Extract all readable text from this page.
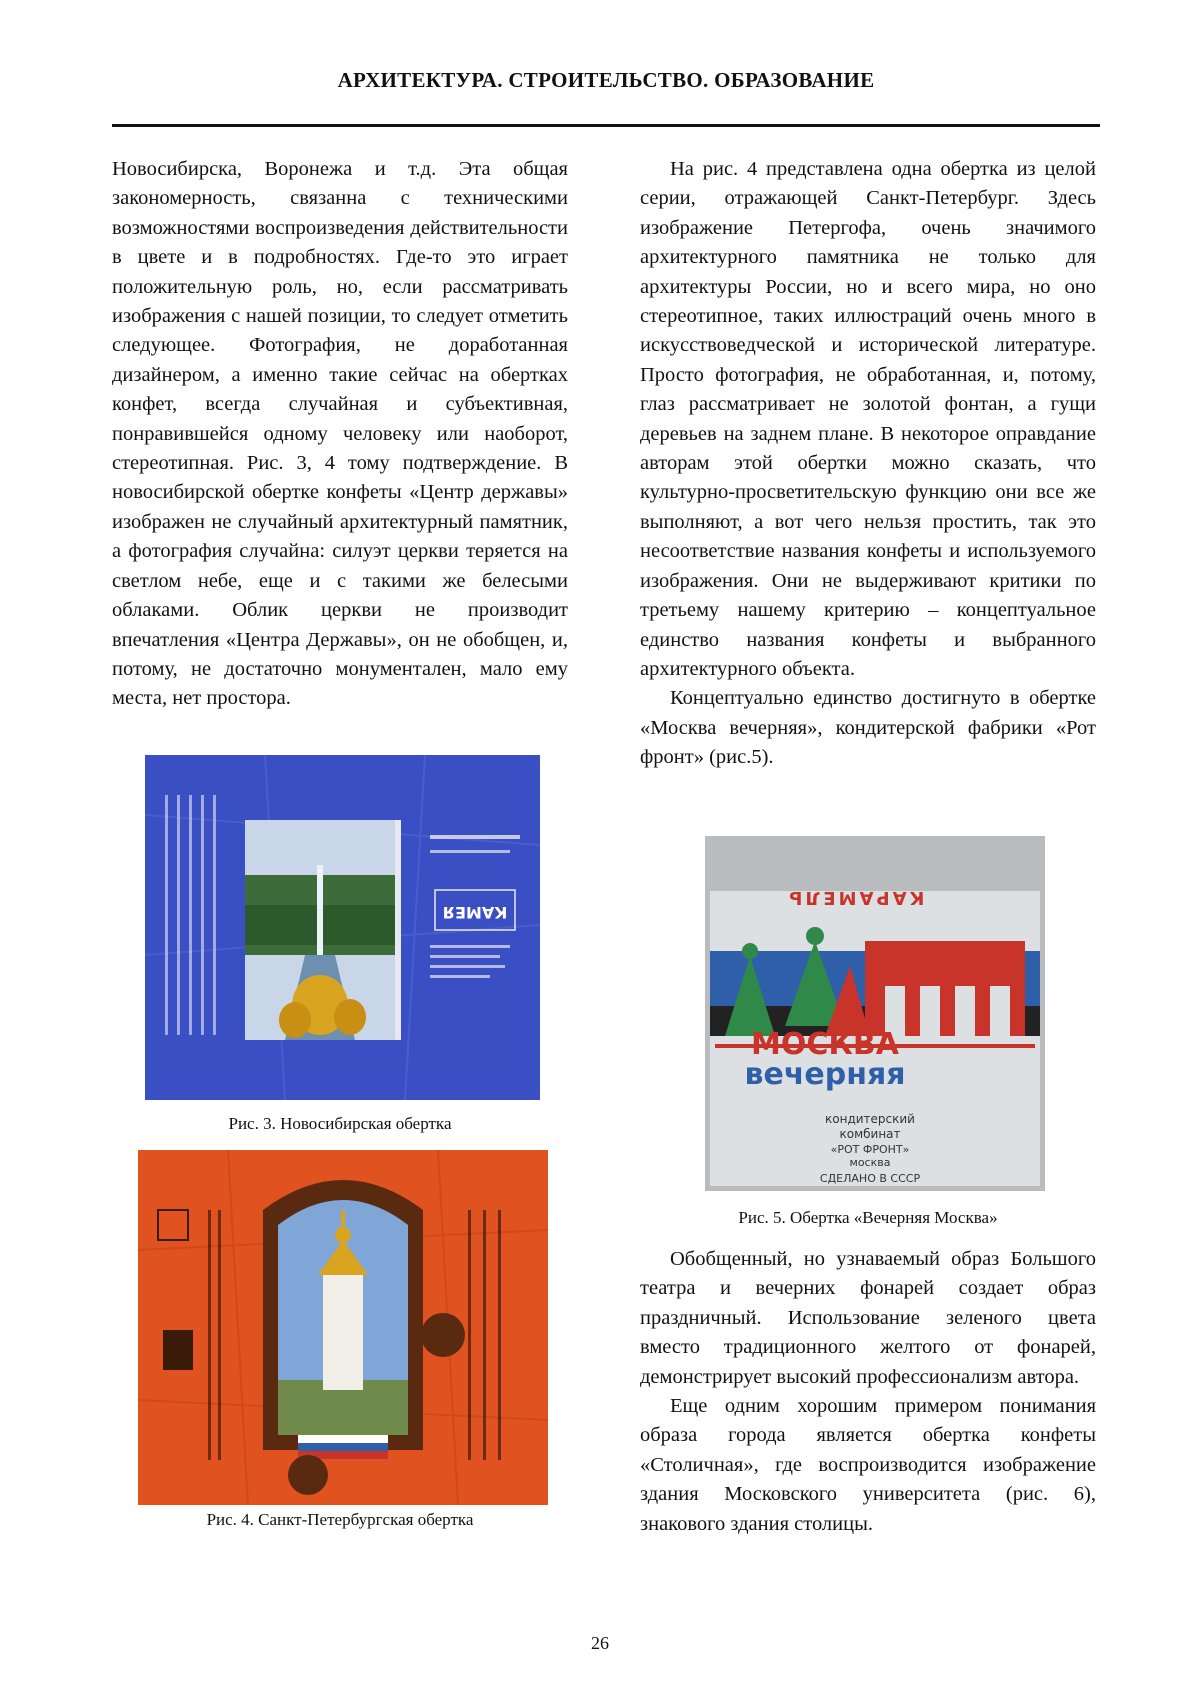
АРХИТЕКТУРА. СТРОИТЕЛЬСТВО. ОБРАЗОВАНИЕ

Новосибирска, Воронежа и т.д. Эта общая закономерность, связанна с техническими возможностями воспроизведения действительности в цвете и в подробностях. Где-то это играет положительную роль, но, если рассматривать изображения с нашей позиции, то следует отметить следующее. Фотография, не доработанная дизайнером, а именно такие сейчас на обертках конфет, всегда случайная и субъективная, понравившейся одному человеку или наоборот, стереотипная. Рис. 3, 4 тому подтверждение. В новосибирской обертке конфеты «Центр державы» изображен не случайный архитектурный памятник, а фотография случайна: силуэт церкви теряется на светлом небе, еще и с такими же белесыми облаками. Облик церкви не производит впечатления «Центра Державы», он не обобщен, и, потому, не достаточно монументален, мало ему места, нет простора.

КАМЕЯ
Рис. 3. Новосибирская обертка
Рис. 4. Санкт-Петербургская обертка

На рис. 4 представлена одна обертка из целой серии, отражающей Санкт-Петербург. Здесь изображение Петергофа, очень значимого архитектурного памятника не только для архитектуры России, но и всего мира, но оно стереотипное, таких иллюстраций очень много в искусствоведческой и исторической литературе. Просто фотография, не обработанная, и, потому, глаз рассматривает не золотой фонтан, а гущи деревьев на заднем плане. В некоторое оправдание авторам этой обертки можно сказать, что культурно-просветительскую функцию они все же выполняют, а вот чего нельзя простить, так это несоответствие названия конфеты и используемого изображения. Они не выдерживают критики по третьему нашему критерию – концептуальное единство названия конфеты и выбранного архитектурного объекта.

Концептуально единство достигнуто в обертке «Москва вечерняя», кондитерской фабрики «Рот фронт» (рис.5).

КАРАМЕЛЬ
МОСКВА
вечерняя
кондитерский
комбинат
«РОТ ФРОНТ»
москва
СДЕЛАНО В СССР
Рис. 5. Обертка «Вечерняя Москва»

Обобщенный, но узнаваемый образ Большого театра и вечерних фонарей создает образ праздничный. Использование зеленого цвета вместо традиционного желтого от фонарей, демонстрирует высокий профессионализм автора.

Еще одним хорошим примером понимания образа города является обертка конфеты «Столичная», где воспроизводится изображение здания Московского университета (рис. 6), знакового здания столицы.

26
